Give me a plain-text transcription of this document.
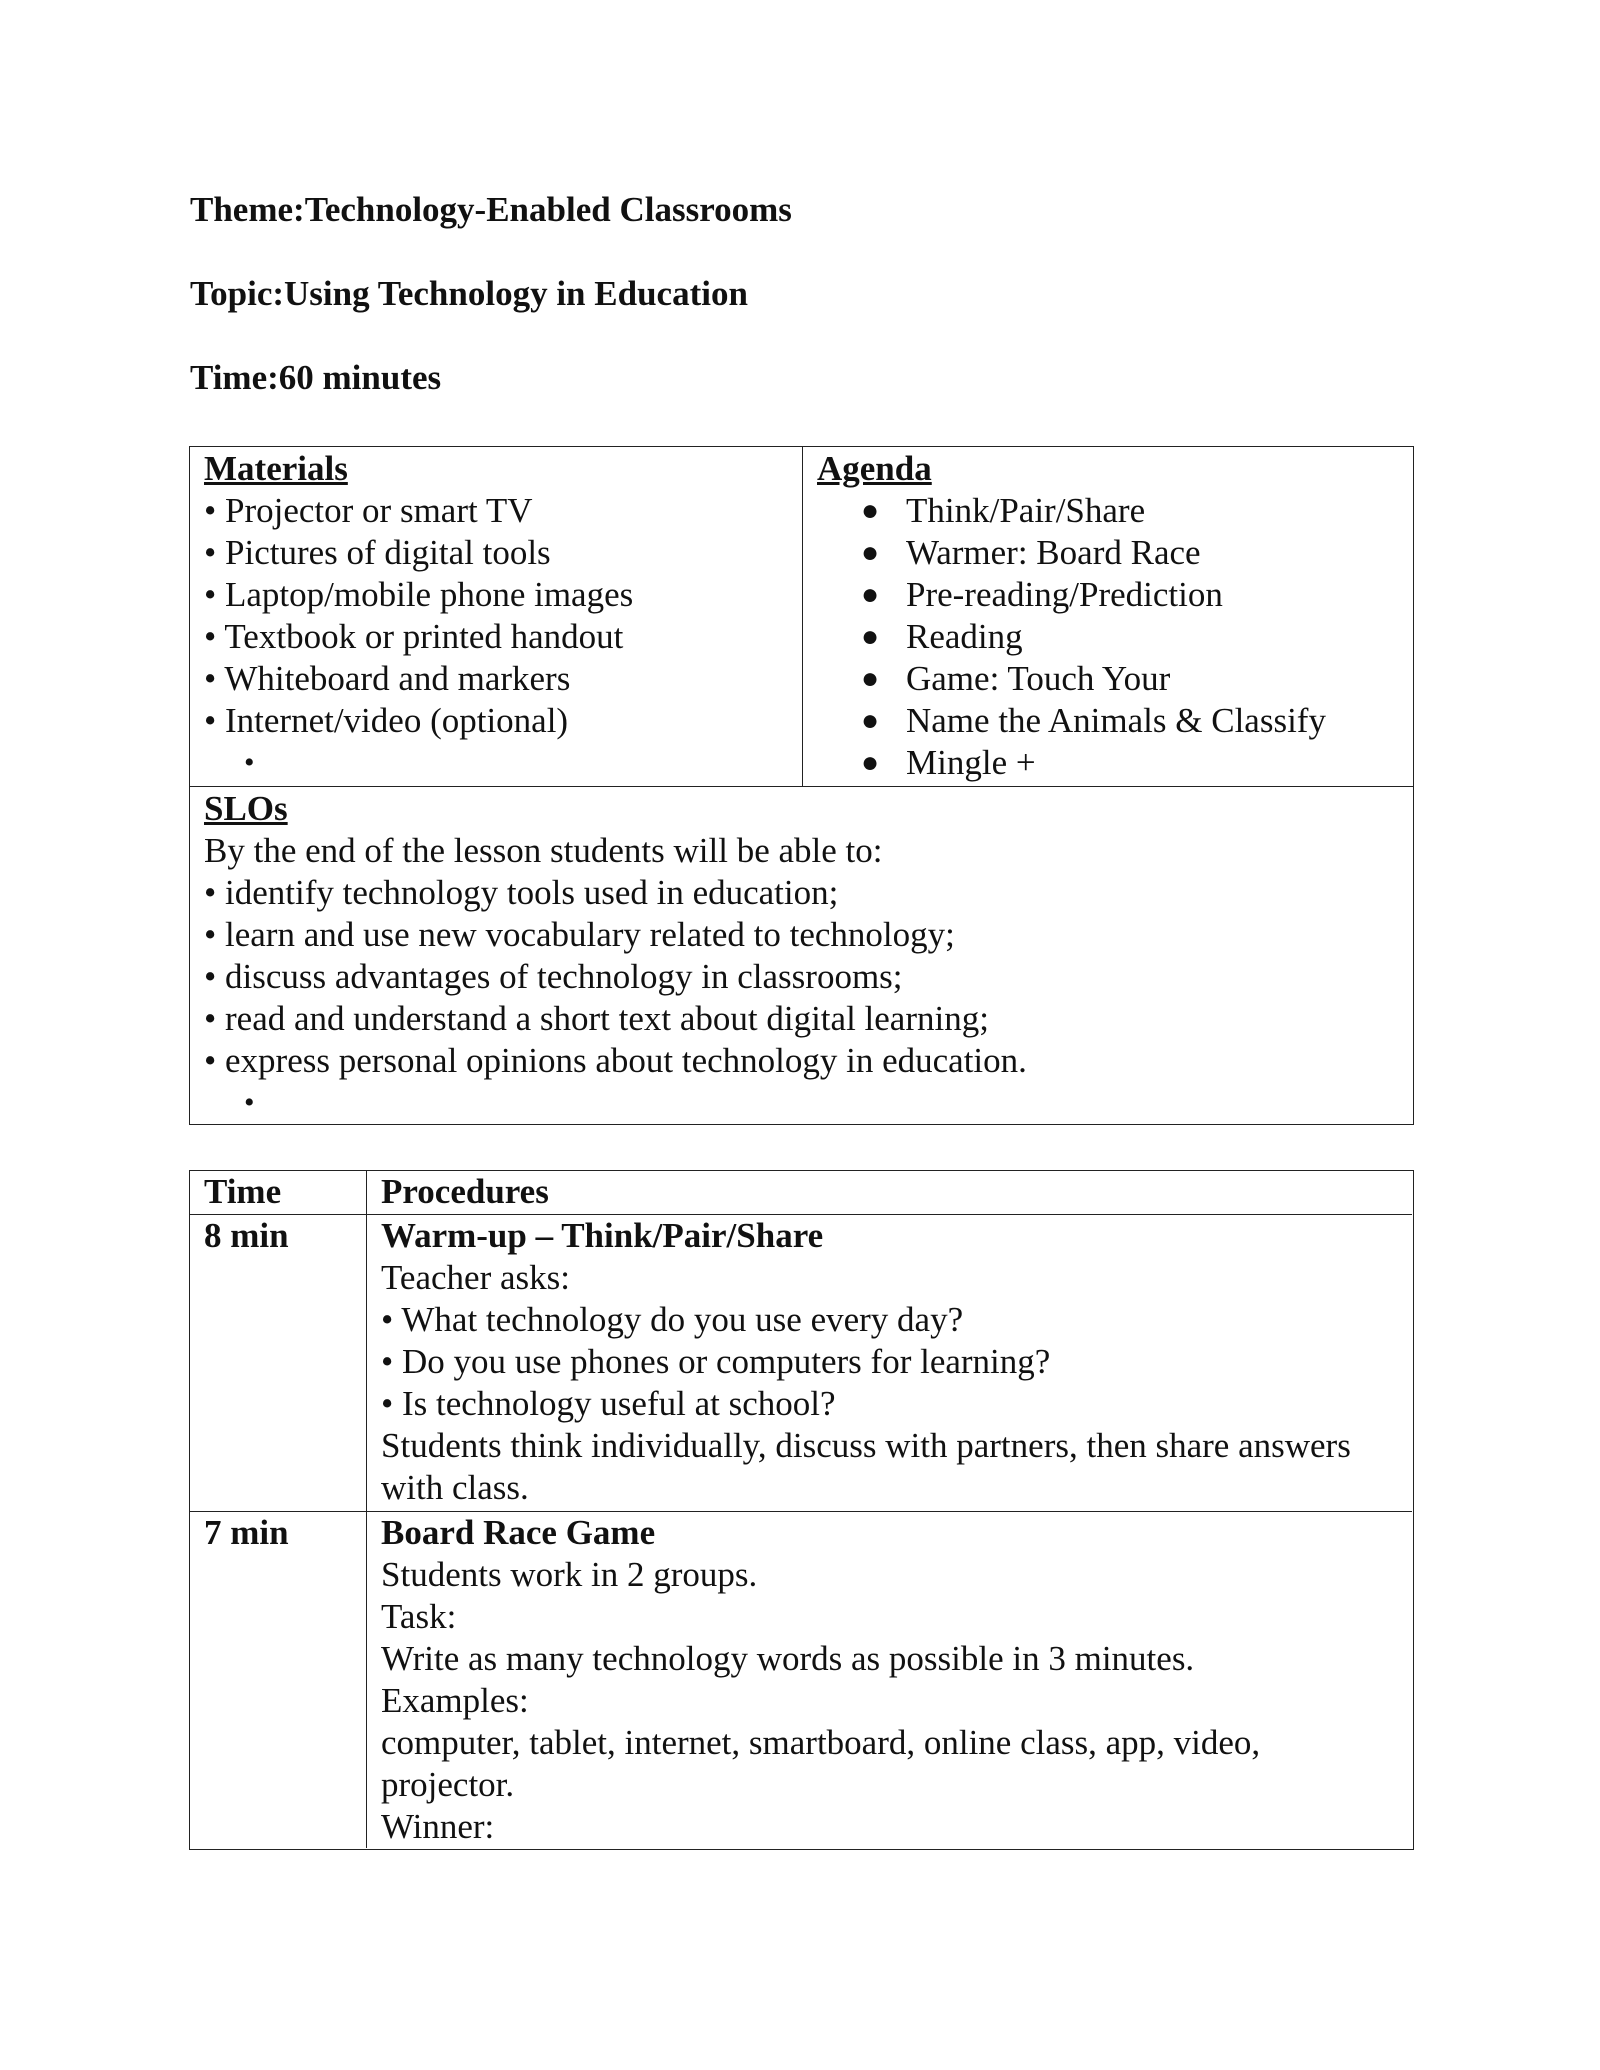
Theme:Technology-Enabled Classrooms
Topic:Using Technology in Education
Time:60 minutes
Materials
• Projector or smart TV
• Pictures of digital tools
• Laptop/mobile phone images
• Textbook or printed handout
• Whiteboard and markers
• Internet/video (optional)
•
Agenda
● Think/Pair/Share
● Warmer: Board Race
● Pre-reading/Prediction
● Reading
● Game: Touch Your
● Name the Animals & Classify
● Mingle +
SLOs
By the end of the lesson students will be able to:
• identify technology tools used in education;
• learn and use new vocabulary related to technology;
• discuss advantages of technology in classrooms;
• read and understand a short text about digital learning;
• express personal opinions about technology in education.
•
Time	Procedures
8 min	Warm-up – Think/Pair/Share
Teacher asks:
• What technology do you use every day?
• Do you use phones or computers for learning?
• Is technology useful at school?
Students think individually, discuss with partners, then share answers
with class.
7 min	Board Race Game
Students work in 2 groups.
Task:
Write as many technology words as possible in 3 minutes.
Examples:
computer, tablet, internet, smartboard, online class, app, video,
projector.
Winner:
